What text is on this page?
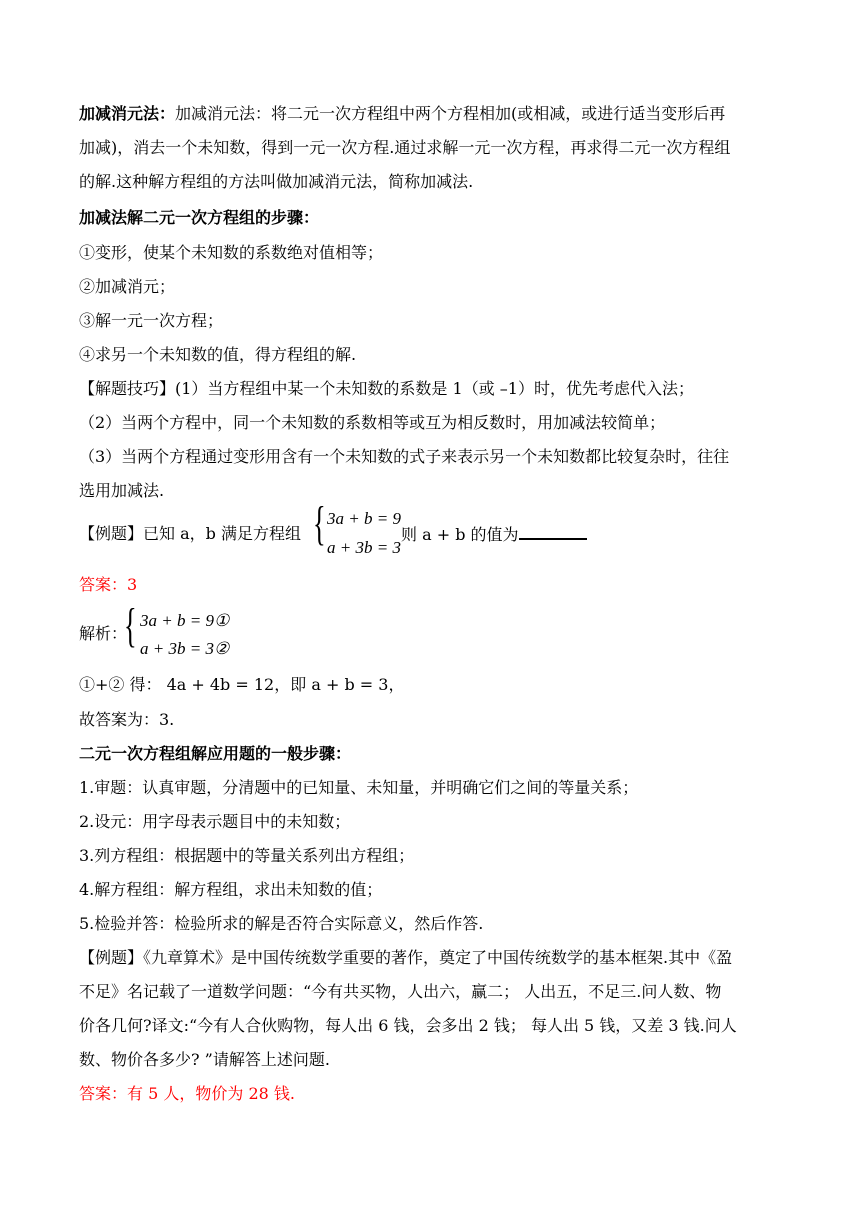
加减消元法：加减消元法：将二元一次方程组中两个方程相加(或相减，或进行适当变形后再
加减)，消去一个未知数，得到一元一次方程.通过求解一元一次方程，再求得二元一次方程组
的解.这种解方程组的方法叫做加减消元法，简称加减法.
加减法解二元一次方程组的步骤：
①变形，使某个未知数的系数绝对值相等；
②加减消元；
③解一元一次方程；
④求另一个未知数的值，得方程组的解.
【解题技巧】(1）当方程组中某一个未知数的系数是 1（或 –1）时，优先考虑代入法；
（2）当两个方程中，同一个未知数的系数相等或互为相反数时，用加减法较简单；
（3）当两个方程通过变形用含有一个未知数的式子来表示另一个未知数都比较复杂时，往往
选用加减法.
【例题】已知 a，b 满足方程组 { 3a + b = 9
a + 3b = 3
则 a + b 的值为
答案：3
解析：
{ 3a + b = 9①
a + 3b = 3②
①+② 得： 4a + 4b = 12，即 a + b = 3，
故答案为：3.
二元一次方程组解应用题的一般步骤：
1.审题：认真审题，分清题中的已知量、未知量，并明确它们之间的等量关系；
2.设元：用字母表示题目中的未知数；
3.列方程组：根据题中的等量关系列出方程组；
4.解方程组：解方程组，求出未知数的值；
5.检验并答：检验所求的解是否符合实际意义，然后作答.
【例题】《九章算术》是中国传统数学重要的著作，奠定了中国传统数学的基本框架.其中《盈
不足》名记载了一道数学问题：“今有共买物，人出六，赢二； 人出五，不足三.问人数、物
价各几何?译文:“今有人合伙购物，每人出 6 钱，会多出 2 钱； 每人出 5 钱，又差 3 钱.问人
数、物价各多少? ”请解答上述问题.
答案：有 5 人，物价为 28 钱.
